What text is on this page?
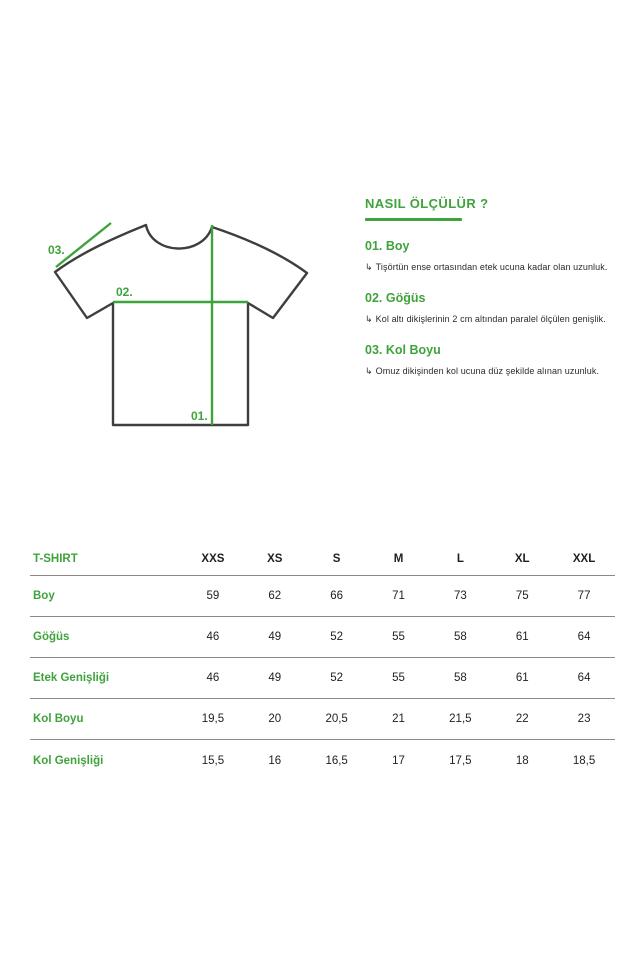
01.
02.
03.
NASIL ÖLÇÜLÜR ?
01. Boy
↳ Tişörtün ense ortasından etek ucuna kadar olan uzunluk.
02. Göğüs
↳ Kol altı dikişlerinin 2 cm altından paralel ölçülen genişlik.
03. Kol Boyu
↳ Omuz dikişinden kol ucuna düz şekilde alınan uzunluk.
T-SHIRT	XXS	XS	S	M	L	XL	XXL
Boy	59	62	66	71	73	75	77
Göğüs	46	49	52	55	58	61	64
Etek Genişliği	46	49	52	55	58	61	64
Kol Boyu	19,5	20	20,5	21	21,5	22	23
Kol Genişliği	15,5	16	16,5	17	17,5	18	18,5
